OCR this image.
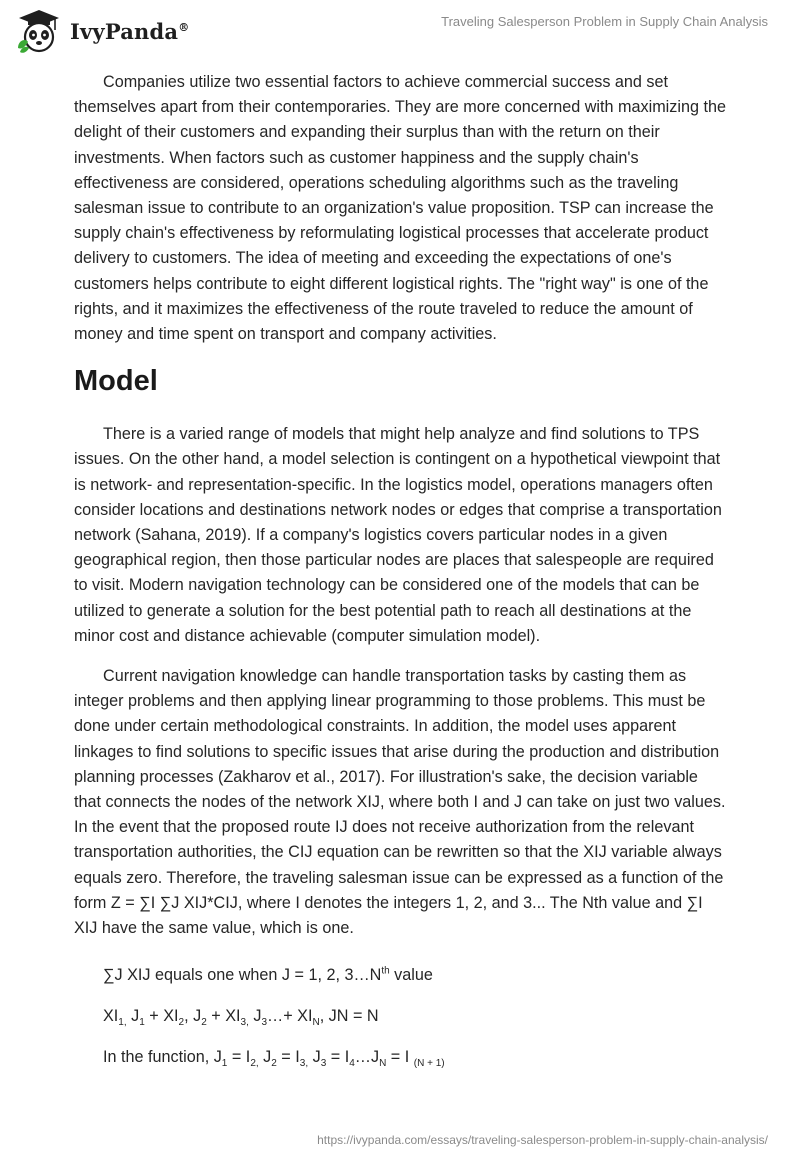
IvyPanda®	Traveling Salesperson Problem in Supply Chain Analysis

Companies utilize two essential factors to achieve commercial success and set themselves apart from their contemporaries. They are more concerned with maximizing the delight of their customers and expanding their surplus than with the return on their investments. When factors such as customer happiness and the supply chain's effectiveness are considered, operations scheduling algorithms such as the traveling salesman issue to contribute to an organization's value proposition. TSP can increase the supply chain's effectiveness by reformulating logistical processes that accelerate product delivery to customers. The idea of meeting and exceeding the expectations of one's customers helps contribute to eight different logistical rights. The "right way" is one of the rights, and it maximizes the effectiveness of the route traveled to reduce the amount of money and time spent on transport and company activities.

Model

There is a varied range of models that might help analyze and find solutions to TPS issues. On the other hand, a model selection is contingent on a hypothetical viewpoint that is network- and representation-specific. In the logistics model, operations managers often consider locations and destinations network nodes or edges that comprise a transportation network (Sahana, 2019). If a company's logistics covers particular nodes in a given geographical region, then those particular nodes are places that salespeople are required to visit. Modern navigation technology can be considered one of the models that can be utilized to generate a solution for the best potential path to reach all destinations at the minor cost and distance achievable (computer simulation model).

Current navigation knowledge can handle transportation tasks by casting them as integer problems and then applying linear programming to those problems. This must be done under certain methodological constraints. In addition, the model uses apparent linkages to find solutions to specific issues that arise during the production and distribution planning processes (Zakharov et al., 2017). For illustration's sake, the decision variable that connects the nodes of the network XIJ, where both I and J can take on just two values. In the event that the proposed route IJ does not receive authorization from the relevant transportation authorities, the CIJ equation can be rewritten so that the XIJ variable always equals zero. Therefore, the traveling salesman issue can be expressed as a function of the form Z = ∑I ∑J XIJ*CIJ, where I denotes the integers 1, 2, and 3... The Nth value and ∑I XIJ have the same value, which is one.

∑J XIJ equals one when J = 1, 2, $3\dots N^{th}$ value
$XI_{1,}$ $J_1 + XI_2$, $J_2 + XI_{3,}$ $J_3\dots+ XI_N$, JN = N
In the function, $J_1 = I_{2,}$ $J_2 = I_{3,}$ $J_3$ = $I_4\dots J_N = I$ $_{(N + 1)}$
https://ivypanda.com/essays/traveling-salesperson-problem-in-supply-chain-analysis/
